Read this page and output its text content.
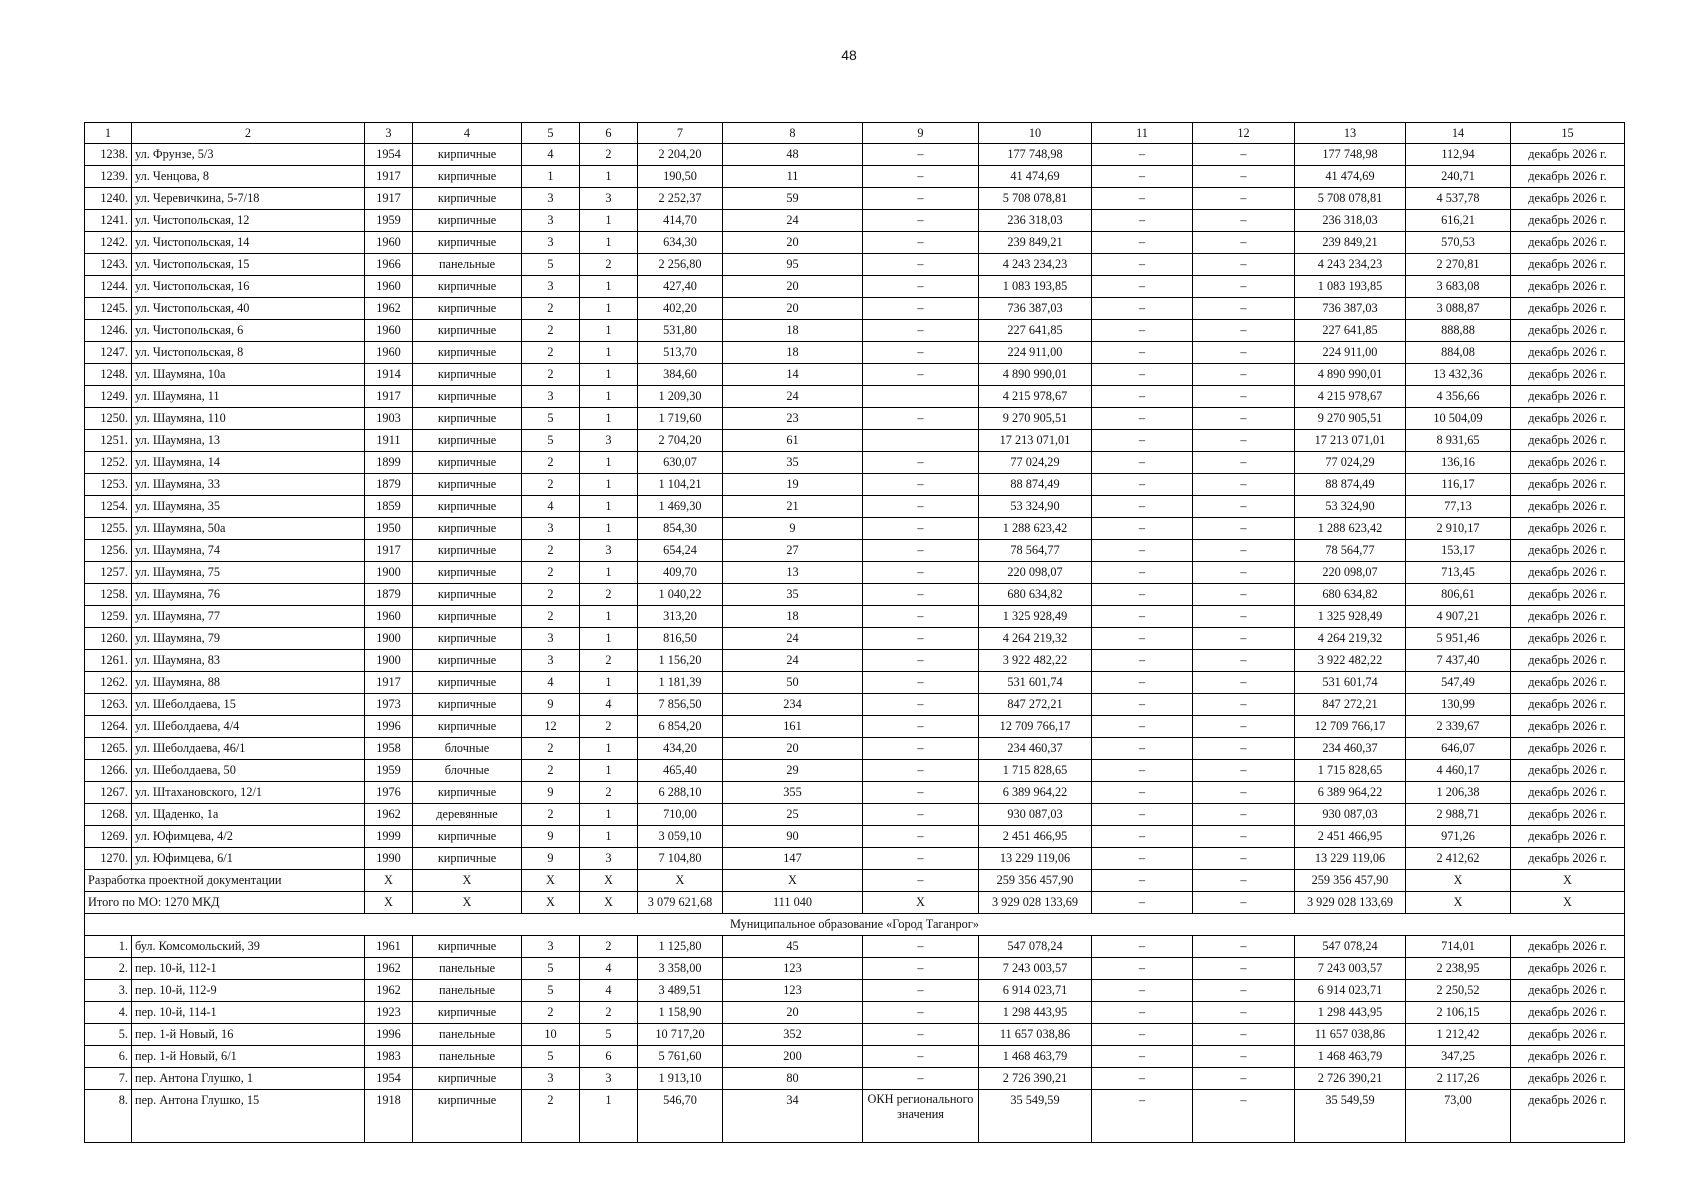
48
1	2	3	4	5	6	7	8	9	10	11	12	13	14	15
1238.	ул. Фрунзе, 5/3	1954	кирпичные	4	2	2 204,20	48	–	177 748,98	–	–	177 748,98	112,94	декабрь 2026 г.
1239.	ул. Ченцова, 8	1917	кирпичные	1	1	190,50	11	–	41 474,69	–	–	41 474,69	240,71	декабрь 2026 г.
1240.	ул. Черевичкина, 5-7/18	1917	кирпичные	3	3	2 252,37	59	–	5 708 078,81	–	–	5 708 078,81	4 537,78	декабрь 2026 г.
1241.	ул. Чистопольская, 12	1959	кирпичные	3	1	414,70	24	–	236 318,03	–	–	236 318,03	616,21	декабрь 2026 г.
1242.	ул. Чистопольская, 14	1960	кирпичные	3	1	634,30	20	–	239 849,21	–	–	239 849,21	570,53	декабрь 2026 г.
1243.	ул. Чистопольская, 15	1966	панельные	5	2	2 256,80	95	–	4 243 234,23	–	–	4 243 234,23	2 270,81	декабрь 2026 г.
1244.	ул. Чистопольская, 16	1960	кирпичные	3	1	427,40	20	–	1 083 193,85	–	–	1 083 193,85	3 683,08	декабрь 2026 г.
1245.	ул. Чистопольская, 40	1962	кирпичные	2	1	402,20	20	–	736 387,03	–	–	736 387,03	3 088,87	декабрь 2026 г.
1246.	ул. Чистопольская, 6	1960	кирпичные	2	1	531,80	18	–	227 641,85	–	–	227 641,85	888,88	декабрь 2026 г.
1247.	ул. Чистопольская, 8	1960	кирпичные	2	1	513,70	18	–	224 911,00	–	–	224 911,00	884,08	декабрь 2026 г.
1248.	ул. Шаумяна, 10а	1914	кирпичные	2	1	384,60	14	–	4 890 990,01	–	–	4 890 990,01	13 432,36	декабрь 2026 г.
1249.	ул. Шаумяна, 11	1917	кирпичные	3	1	1 209,30	24		4 215 978,67	–	–	4 215 978,67	4 356,66	декабрь 2026 г.
1250.	ул. Шаумяна, 110	1903	кирпичные	5	1	1 719,60	23	–	9 270 905,51	–	–	9 270 905,51	10 504,09	декабрь 2026 г.
1251.	ул. Шаумяна, 13	1911	кирпичные	5	3	2 704,20	61		17 213 071,01	–	–	17 213 071,01	8 931,65	декабрь 2026 г.
1252.	ул. Шаумяна, 14	1899	кирпичные	2	1	630,07	35	–	77 024,29	–	–	77 024,29	136,16	декабрь 2026 г.
1253.	ул. Шаумяна, 33	1879	кирпичные	2	1	1 104,21	19	–	88 874,49	–	–	88 874,49	116,17	декабрь 2026 г.
1254.	ул. Шаумяна, 35	1859	кирпичные	4	1	1 469,30	21	–	53 324,90	–	–	53 324,90	77,13	декабрь 2026 г.
1255.	ул. Шаумяна, 50а	1950	кирпичные	3	1	854,30	9	–	1 288 623,42	–	–	1 288 623,42	2 910,17	декабрь 2026 г.
1256.	ул. Шаумяна, 74	1917	кирпичные	2	3	654,24	27	–	78 564,77	–	–	78 564,77	153,17	декабрь 2026 г.
1257.	ул. Шаумяна, 75	1900	кирпичные	2	1	409,70	13	–	220 098,07	–	–	220 098,07	713,45	декабрь 2026 г.
1258.	ул. Шаумяна, 76	1879	кирпичные	2	2	1 040,22	35	–	680 634,82	–	–	680 634,82	806,61	декабрь 2026 г.
1259.	ул. Шаумяна, 77	1960	кирпичные	2	1	313,20	18	–	1 325 928,49	–	–	1 325 928,49	4 907,21	декабрь 2026 г.
1260.	ул. Шаумяна, 79	1900	кирпичные	3	1	816,50	24	–	4 264 219,32	–	–	4 264 219,32	5 951,46	декабрь 2026 г.
1261.	ул. Шаумяна, 83	1900	кирпичные	3	2	1 156,20	24	–	3 922 482,22	–	–	3 922 482,22	7 437,40	декабрь 2026 г.
1262.	ул. Шаумяна, 88	1917	кирпичные	4	1	1 181,39	50	–	531 601,74	–	–	531 601,74	547,49	декабрь 2026 г.
1263.	ул. Шеболдаева, 15	1973	кирпичные	9	4	7 856,50	234	–	847 272,21	–	–	847 272,21	130,99	декабрь 2026 г.
1264.	ул. Шеболдаева, 4/4	1996	кирпичные	12	2	6 854,20	161	–	12 709 766,17	–	–	12 709 766,17	2 339,67	декабрь 2026 г.
1265.	ул. Шеболдаева, 46/1	1958	блочные	2	1	434,20	20	–	234 460,37	–	–	234 460,37	646,07	декабрь 2026 г.
1266.	ул. Шеболдаева, 50	1959	блочные	2	1	465,40	29	–	1 715 828,65	–	–	1 715 828,65	4 460,17	декабрь 2026 г.
1267.	ул. Штахановского, 12/1	1976	кирпичные	9	2	6 288,10	355	–	6 389 964,22	–	–	6 389 964,22	1 206,38	декабрь 2026 г.
1268.	ул. Щаденко, 1а	1962	деревянные	2	1	710,00	25	–	930 087,03	–	–	930 087,03	2 988,71	декабрь 2026 г.
1269.	ул. Юфимцева, 4/2	1999	кирпичные	9	1	3 059,10	90	–	2 451 466,95	–	–	2 451 466,95	971,26	декабрь 2026 г.
1270.	ул. Юфимцева, 6/1	1990	кирпичные	9	3	7 104,80	147	–	13 229 119,06	–	–	13 229 119,06	2 412,62	декабрь 2026 г.
Разработка проектной документации		X	X	X	X	X	X	–	259 356 457,90	–	–	259 356 457,90	X	X
Итого по МО: 1270 МКД		X	X	X	X	3 079 621,68	111 040	X	3 929 028 133,69	–	–	3 929 028 133,69	X	X
Муниципальное образование «Город Таганрог»														
1.	бул. Комсомольский, 39	1961	кирпичные	3	2	1 125,80	45	–	547 078,24	–	–	547 078,24	714,01	декабрь 2026 г.
2.	пер. 10-й, 112-1	1962	панельные	5	4	3 358,00	123	–	7 243 003,57	–	–	7 243 003,57	2 238,95	декабрь 2026 г.
3.	пер. 10-й, 112-9	1962	панельные	5	4	3 489,51	123	–	6 914 023,71	–	–	6 914 023,71	2 250,52	декабрь 2026 г.
4.	пер. 10-й, 114-1	1923	кирпичные	2	2	1 158,90	20	–	1 298 443,95	–	–	1 298 443,95	2 106,15	декабрь 2026 г.
5.	пер. 1-й Новый, 16	1996	панельные	10	5	10 717,20	352	–	11 657 038,86	–	–	11 657 038,86	1 212,42	декабрь 2026 г.
6.	пер. 1-й Новый, 6/1	1983	панельные	5	6	5 761,60	200	–	1 468 463,79	–	–	1 468 463,79	347,25	декабрь 2026 г.
7.	пер. Антона Глушко, 1	1954	кирпичные	3	3	1 913,10	80	–	2 726 390,21	–	–	2 726 390,21	2 117,26	декабрь 2026 г.
8.	пер. Антона Глушко, 15	1918	кирпичные	2	1	546,70	34	ОКН регионального значения	35 549,59	–	–	35 549,59	73,00	декабрь 2026 г.
